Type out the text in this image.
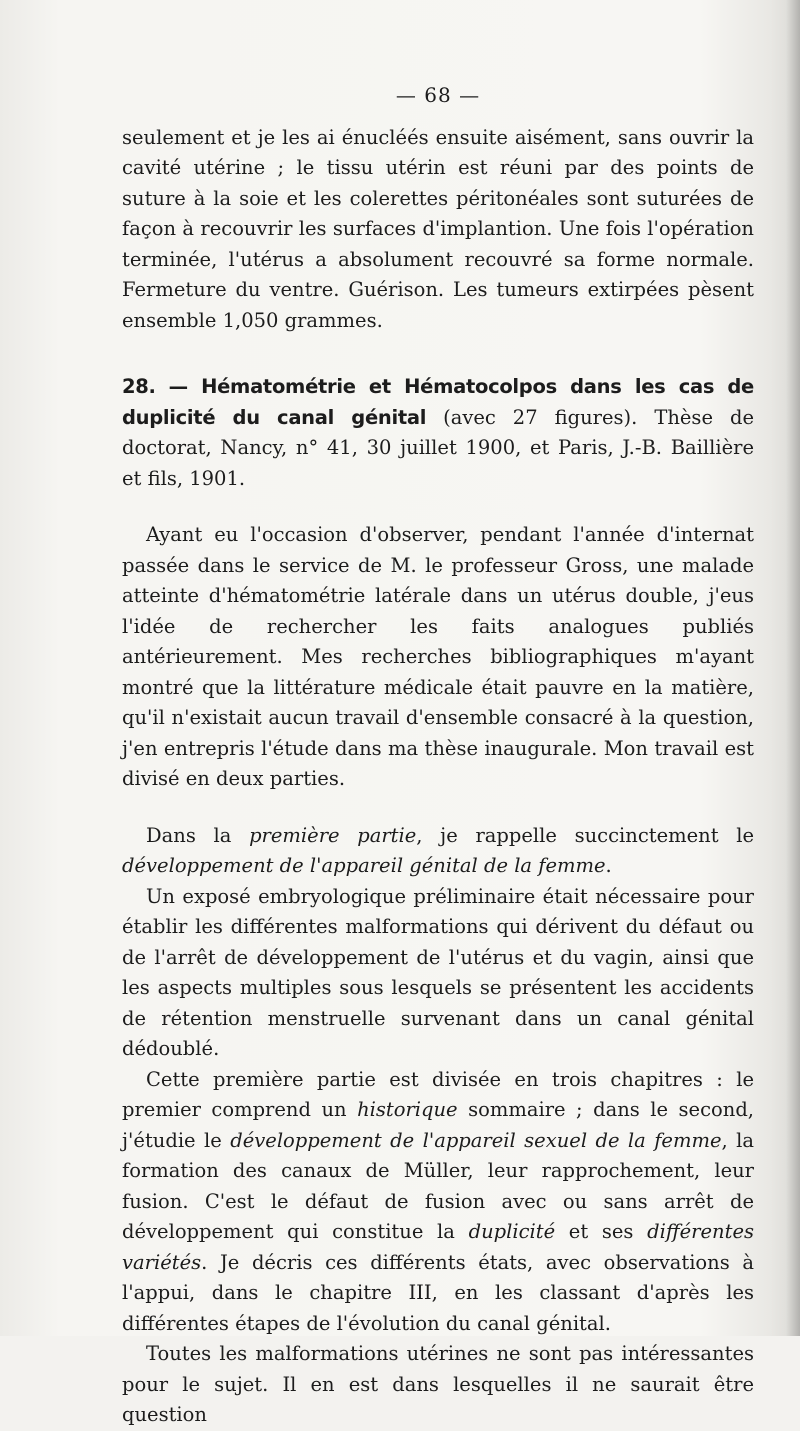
— 68 —

seulement et je les ai énucléés ensuite aisément, sans ouvrir la cavité utérine ; le tissu utérin est réuni par des points de suture à la soie et les colerettes péritonéales sont suturées de façon à recouvrir les surfaces d'implantion. Une fois l'opération terminée, l'utérus a absolument recouvré sa forme normale. Fermeture du ventre. Guérison. Les tumeurs extirpées pèsent ensemble 1,050 grammes.

28. — Hématométrie et Hématocolpos dans les cas de duplicité du canal génital (avec 27 figures). Thèse de doctorat, Nancy, n° 41, 30 juillet 1900, et Paris, J.-B. Baillière et fils, 1901.

Ayant eu l'occasion d'observer, pendant l'année d'internat passée dans le service de M. le professeur Gross, une malade atteinte d'hématométrie latérale dans un utérus double, j'eus l'idée de rechercher les faits analogues publiés antérieurement. Mes recherches bibliographiques m'ayant montré que la littérature médicale était pauvre en la matière, qu'il n'existait aucun travail d'ensemble consacré à la question, j'en entrepris l'étude dans ma thèse inaugurale. Mon travail est divisé en deux parties.

Dans la première partie, je rappelle succinctement le développement de l'appareil génital de la femme.

Un exposé embryologique préliminaire était nécessaire pour établir les différentes malformations qui dérivent du défaut ou de l'arrêt de développement de l'utérus et du vagin, ainsi que les aspects multiples sous lesquels se présentent les accidents de rétention menstruelle survenant dans un canal génital dédoublé.

Cette première partie est divisée en trois chapitres : le premier comprend un historique sommaire ; dans le second, j'étudie le développement de l'appareil sexuel de la femme, la formation des canaux de Müller, leur rapprochement, leur fusion. C'est le défaut de fusion avec ou sans arrêt de développement qui constitue la duplicité et ses différentes variétés. Je décris ces différents états, avec observations à l'appui, dans le chapitre III, en les classant d'après les différentes étapes de l'évolution du canal génital.

Toutes les malformations utérines ne sont pas intéressantes pour le sujet. Il en est dans lesquelles il ne saurait être question
